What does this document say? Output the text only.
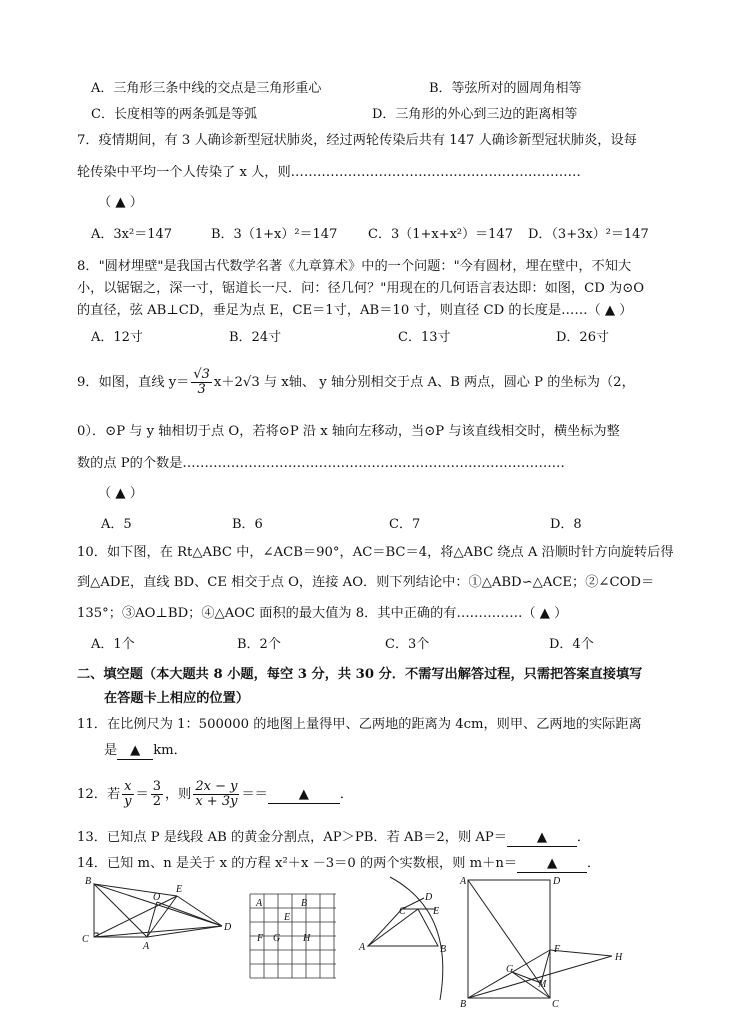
A．三角形三条中线的交点是三角形重心	B．等弦所对的圆周角相等
C．长度相等的两条弧是等弧	D．三角形的外心到三边的距离相等
7．疫情期间，有 3 人确诊新型冠状肺炎，经过两轮传染后共有 147 人确诊新型冠状肺炎，设每
轮传染中平均一个人传染了 x 人，则…………………………………………………………
（ ▲ ）
A．3x²＝147	B．3（1+x）²＝147 C．3（1+x+x²）＝147 D．（3+3x）²＝147
8．"圆材埋壁"是我国古代数学名著《九章算术》中的一个问题："今有圆材，埋在壁中，不知大
小，以锯锯之，深一寸，锯道长一尺．问：径几何？"用现在的几何语言表达即：如图，CD 为⊙O
的直径，弦 AB⊥CD，垂足为点 E，CE＝1寸，AB＝10 寸，则直径 CD 的长度是……（ ▲ ）
A．12寸	B．24寸	C．13寸	D．26寸
9．如图，直线 $y= \frac{√3}{3} x+2√3$ 与 x轴、 y 轴分别相交于点 A、B 两点，圆心 P 的坐标为（2，
0）．⊙P 与 y 轴相切于点 O，若将⊙P 沿 x 轴向左移动，当⊙P 与该直线相交时，横坐标为整
数的点 P的个数是……………………………………………………………………………
（ ▲ ）
A．5	B．6	C．7	D．8
10．如下图，在 Rt△ABC 中，∠ACB＝90°，AC＝BC＝4，将△ABC 绕点 A 沿顺时针方向旋转后得
到△ADE，直线 BD、CE 相交于点 O，连接 AO．则下列结论中：①△ABD∽△ACE；②∠COD＝
135°；③AO⊥BD；④△AOC 面积的最大值为 8．其中正确的有……………（ ▲ ）
A．1个	B．2个	C．3个	D．4个
二、填空题（本大题共 8 小题，每空 3 分，共 30 分．不需写出解答过程，只需把答案直接填写
在答题卡上相应的位置）
11．在比例尺为 1：500000 的地图上量得甲、乙两地的距离为 4cm，则甲、乙两地的实际距离
是 ▲ km．
12．若 $\frac{x}{y} = \frac{3}{2}$ ，则 $\frac{2x - y}{x + 3y}$ ＝＝ ▲ ．
13．已知点 P 是线段 AB 的黄金分割点，AP＞PB．若 AB＝2，则 AP＝ ▲ ．
14．已知 m、n 是关于 x 的方程 x²＋x －3＝0 的两个实数根，则 m＋n＝ ▲ ．
B
O
E
C
A
D
A	B
E
F G H
D
C	E
A	B
A	D
F
H
G
M
B	C
